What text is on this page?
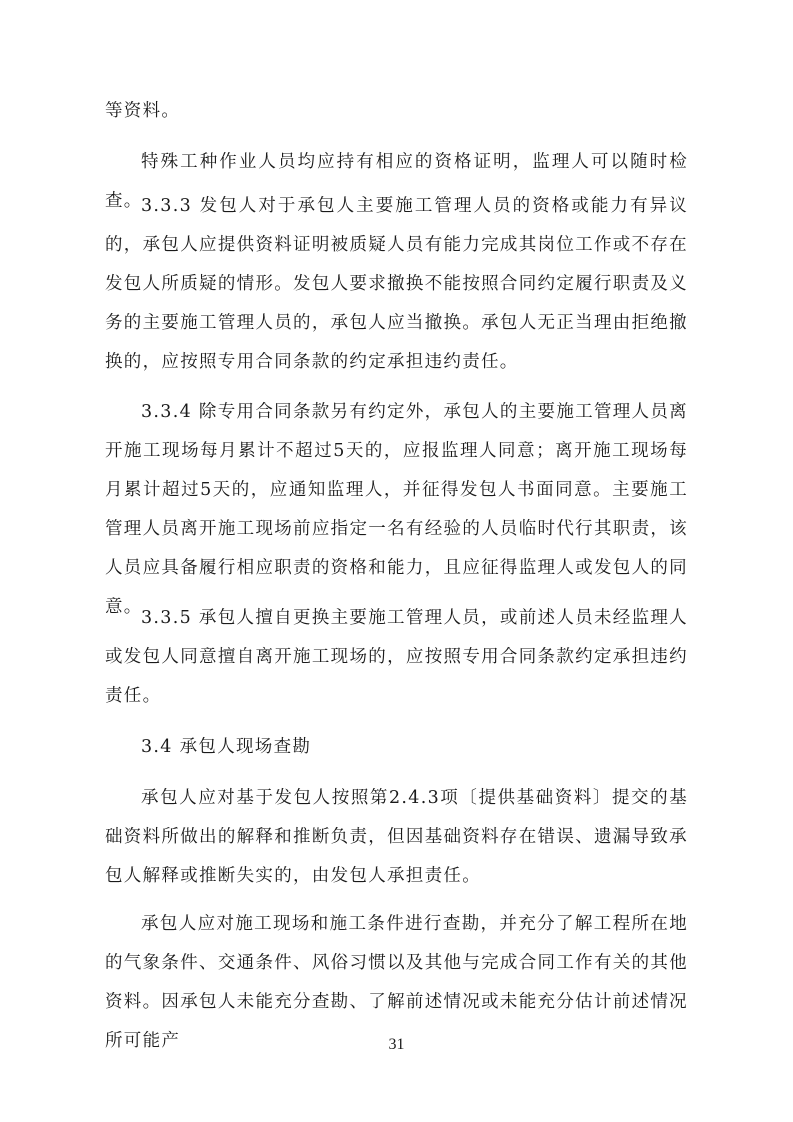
等资料。

特殊工种作业人员均应持有相应的资格证明，监理人可以随时检查。

3.3.3 发包人对于承包人主要施工管理人员的资格或能力有异议的，承包人应提供资料证明被质疑人员有能力完成其岗位工作或不存在发包人所质疑的情形。发包人要求撤换不能按照合同约定履行职责及义务的主要施工管理人员的，承包人应当撤换。承包人无正当理由拒绝撤换的，应按照专用合同条款的约定承担违约责任。

3.3.4 除专用合同条款另有约定外，承包人的主要施工管理人员离开施工现场每月累计不超过5天的，应报监理人同意；离开施工现场每月累计超过5天的，应通知监理人，并征得发包人书面同意。主要施工管理人员离开施工现场前应指定一名有经验的人员临时代行其职责，该人员应具备履行相应职责的资格和能力，且应征得监理人或发包人的同意。

3.3.5 承包人擅自更换主要施工管理人员，或前述人员未经监理人或发包人同意擅自离开施工现场的，应按照专用合同条款约定承担违约责任。

3.4 承包人现场查勘

承包人应对基于发包人按照第2.4.3项〔提供基础资料〕提交的基础资料所做出的解释和推断负责，但因基础资料存在错误、遗漏导致承包人解释或推断失实的，由发包人承担责任。

承包人应对施工现场和施工条件进行查勘，并充分了解工程所在地的气象条件、交通条件、风俗习惯以及其他与完成合同工作有关的其他资料。因承包人未能充分查勘、了解前述情况或未能充分估计前述情况所可能产	31
